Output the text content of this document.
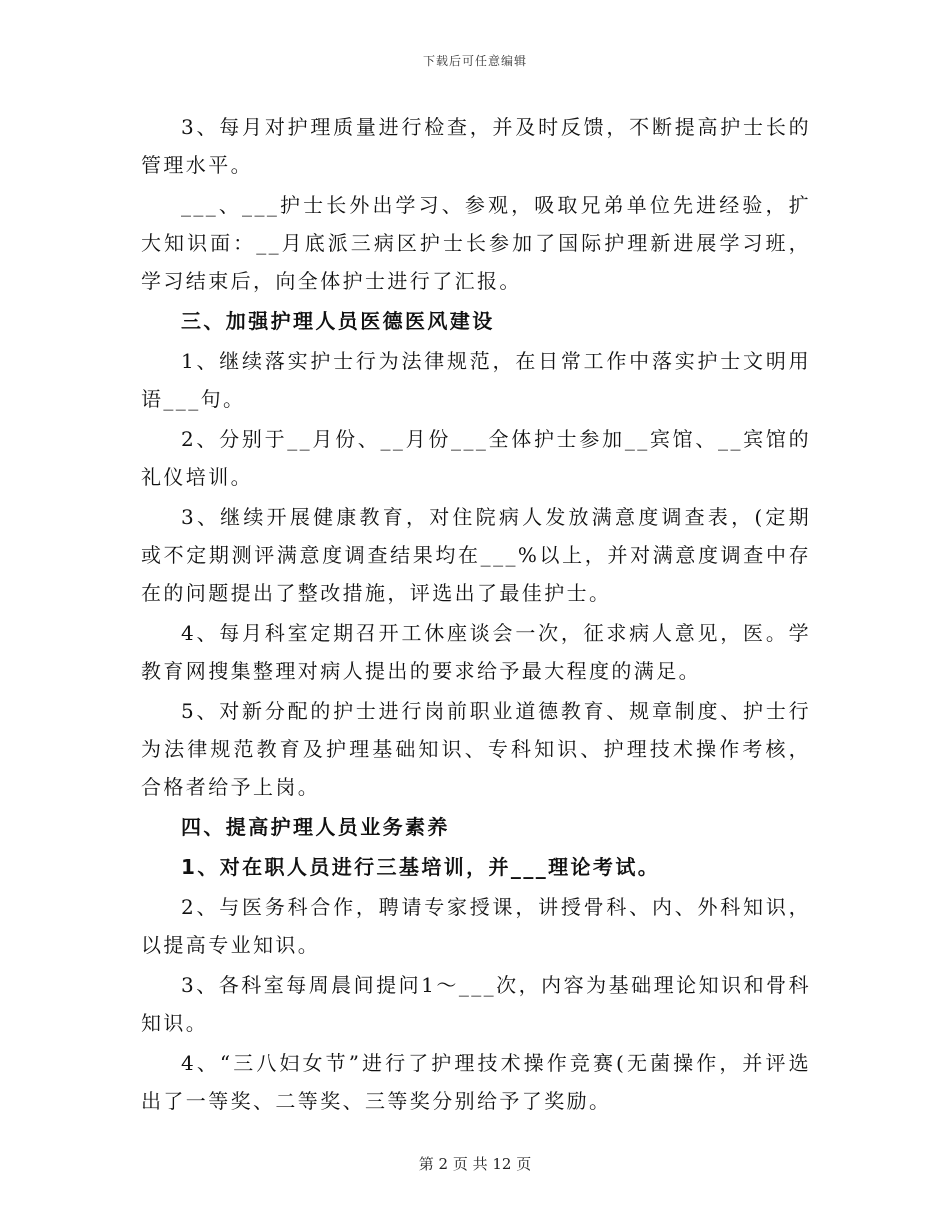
下载后可任意编辑

3、每月对护理质量进行检查，并及时反馈，不断提高护士长的管理水平。

___、___护士长外出学习、参观，吸取兄弟单位先进经验，扩大知识面：__月底派三病区护士长参加了国际护理新进展学习班，学习结束后，向全体护士进行了汇报。

三、加强护理人员医德医风建设

1、继续落实护士行为法律规范，在日常工作中落实护士文明用语___句。

2、分别于__月份、__月份___全体护士参加__宾馆、__宾馆的礼仪培训。

3、继续开展健康教育，对住院病人发放满意度调查表，(定期或不定期测评满意度调查结果均在___%以上，并对满意度调查中存在的问题提出了整改措施，评选出了最佳护士。

4、每月科室定期召开工休座谈会一次，征求病人意见，医。学教育网搜集整理对病人提出的要求给予最大程度的满足。

5、对新分配的护士进行岗前职业道德教育、规章制度、护士行为法律规范教育及护理基础知识、专科知识、护理技术操作考核，合格者给予上岗。

四、提高护理人员业务素养

1、对在职人员进行三基培训，并___理论考试。

2、与医务科合作，聘请专家授课，讲授骨科、内、外科知识，以提高专业知识。

3、各科室每周晨间提问1～___次，内容为基础理论知识和骨科知识。

4、“三八妇女节”进行了护理技术操作竞赛(无菌操作，并评选出了一等奖、二等奖、三等奖分别给予了奖励。

第 2 页 共 12 页
